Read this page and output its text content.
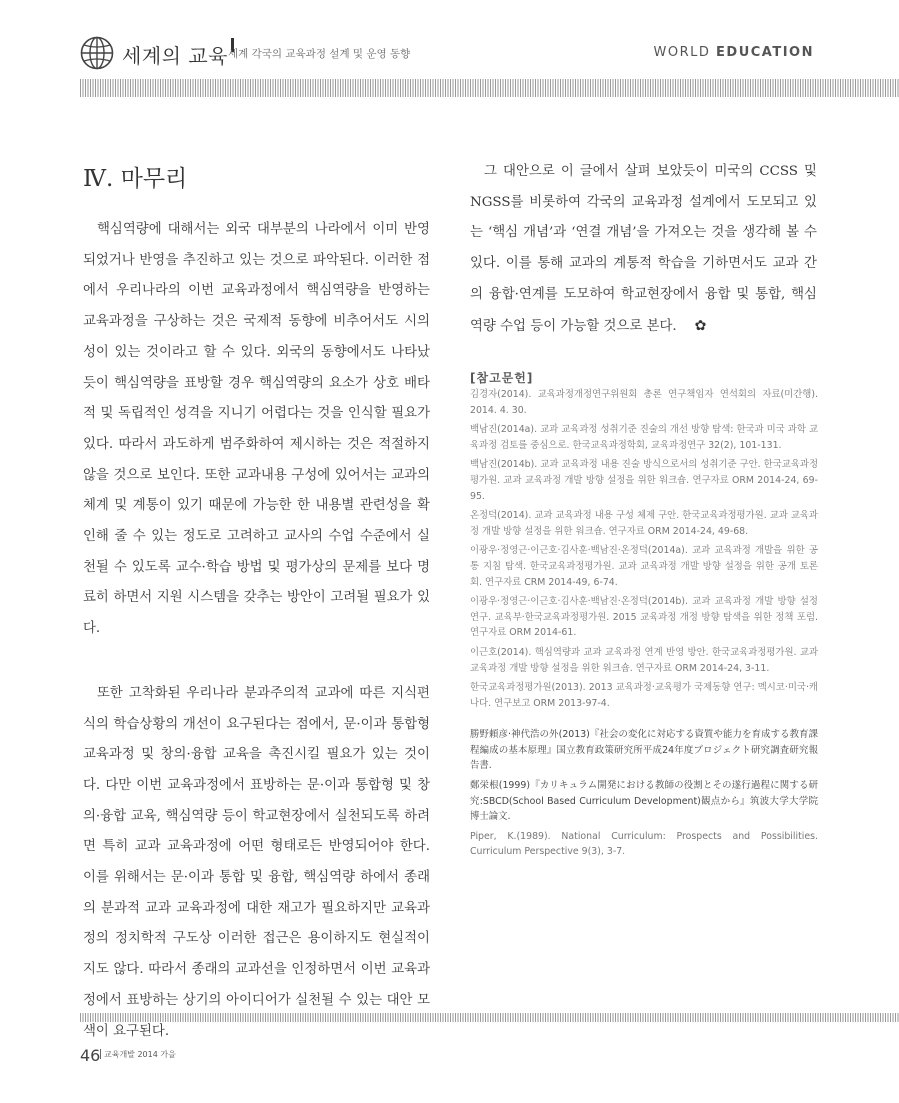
세계의 교육 세계 각국의 교육과정 설계 및 운영 동향	WORLD EDUCATION
Ⅳ. 마무리

핵심역량에 대해서는 외국 대부분의 나라에서 이미 반영되었거나 반영을 추진하고 있는 것으로 파악된다. 이러한 점에서 우리나라의 이번 교육과정에서 핵심역량을 반영하는 교육과정을 구상하는 것은 국제적 동향에 비추어서도 시의성이 있는 것이라고 할 수 있다. 외국의 동향에서도 나타났듯이 핵심역량을 표방할 경우 핵심역량의 요소가 상호 배타적 및 독립적인 성격을 지니기 어렵다는 것을 인식할 필요가 있다. 따라서 과도하게 범주화하여 제시하는 것은 적절하지 않을 것으로 보인다. 또한 교과내용 구성에 있어서는 교과의 체계 및 계통이 있기 때문에 가능한 한 내용별 관련성을 확인해 줄 수 있는 정도로 고려하고 교사의 수업 수준에서 실천될 수 있도록 교수·학습 방법 및 평가상의 문제를 보다 명료히 하면서 지원 시스템을 갖추는 방안이 고려될 필요가 있다.

또한 고착화된 우리나라 분과주의적 교과에 따른 지식편식의 학습상황의 개선이 요구된다는 점에서, 문·이과 통합형 교육과정 및 창의·융합 교육을 촉진시킬 필요가 있는 것이다. 다만 이번 교육과정에서 표방하는 문·이과 통합형 및 창의·융합 교육, 핵심역량 등이 학교현장에서 실천되도록 하려면 특히 교과 교육과정에 어떤 형태로든 반영되어야 한다. 이를 위해서는 문·이과 통합 및 융합, 핵심역량 하에서 종래의 분과적 교과 교육과정에 대한 재고가 필요하지만 교육과정의 정치학적 구도상 이러한 접근은 용이하지도 현실적이지도 않다. 따라서 종래의 교과선을 인정하면서 이번 교육과정에서 표방하는 상기의 아이디어가 실천될 수 있는 대안 모색이 요구된다.

그 대안으로 이 글에서 살펴 보았듯이 미국의 CCSS 및 NGSS를 비롯하여 각국의 교육과정 설계에서 도모되고 있는 ‘핵심 개념’과 ‘연결 개념’을 가져오는 것을 생각해 볼 수 있다. 이를 통해 교과의 계통적 학습을 기하면서도 교과 간의 융합·연계를 도모하여 학교현장에서 융합 및 통합, 핵심역량 수업 등이 가능할 것으로 본다. ✿

[참고문헌]
김경자(2014). 교육과정개정연구위원회 총론 연구책임자 연석회의 자료(미간행). 2014. 4. 30.
백남진(2014a). 교과 교육과정 성취기준 진술의 개선 방향 탐색: 한국과 미국 과학 교육과정 검토를 중심으로. 한국교육과정학회, 교육과정연구 32(2), 101-131.
백남진(2014b). 교과 교육과정 내용 진술 방식으로서의 성취기준 구안. 한국교육과정평가원. 교과 교육과정 개발 방향 설정을 위한 워크숍. 연구자료 ORM 2014-24, 69-95.
온정덕(2014). 교과 교육과정 내용 구성 체제 구안. 한국교육과정평가원. 교과 교육과정 개발 방향 설정을 위한 워크숍. 연구자료 ORM 2014-24, 49-68.
이광우·정영근·이근호·김사훈·백남진·온정덕(2014a). 교과 교육과정 개발을 위한 공통 지침 탐색. 한국교육과정평가원. 교과 교육과정 개발 방향 설정을 위한 공개 토론회. 연구자료 CRM 2014-49, 6-74.
이광우·정영근·이근호·김사훈·백남진·온정덕(2014b). 교과 교육과정 개발 방향 설정 연구. 교육부·한국교육과정평가원. 2015 교육과정 개정 방향 탐색을 위한 정책 포럼. 연구자료 ORM 2014-61.
이근호(2014). 핵심역량과 교과 교육과정 연계 반영 방안. 한국교육과정평가원. 교과 교육과정 개발 방향 설정을 위한 워크숍. 연구자료 ORM 2014-24, 3-11.
한국교육과정평가원(2013). 2013 교육과정·교육평가 국제동향 연구: 멕시코·미국·캐나다. 연구보고 ORM 2013-97-4.
勝野頼彦·神代浩の外(2013)『社会の変化に対応する資質や能力を育成する教育課程編成の基本原理』国立教育政策研究所平成24年度プロジェクト研究調査研究報告書.
鄭栄根(1999)『カリキュラム開発における教師の役割とその遂行過程に関する研究:SBCD(School Based Curriculum Development)観点から』筑波大学大学院博士論文.
Piper, K.(1989). National Curriculum: Prospects and Possibilities. Curriculum Perspective 9(3), 3-7.
46 교육개발 2014 가을
